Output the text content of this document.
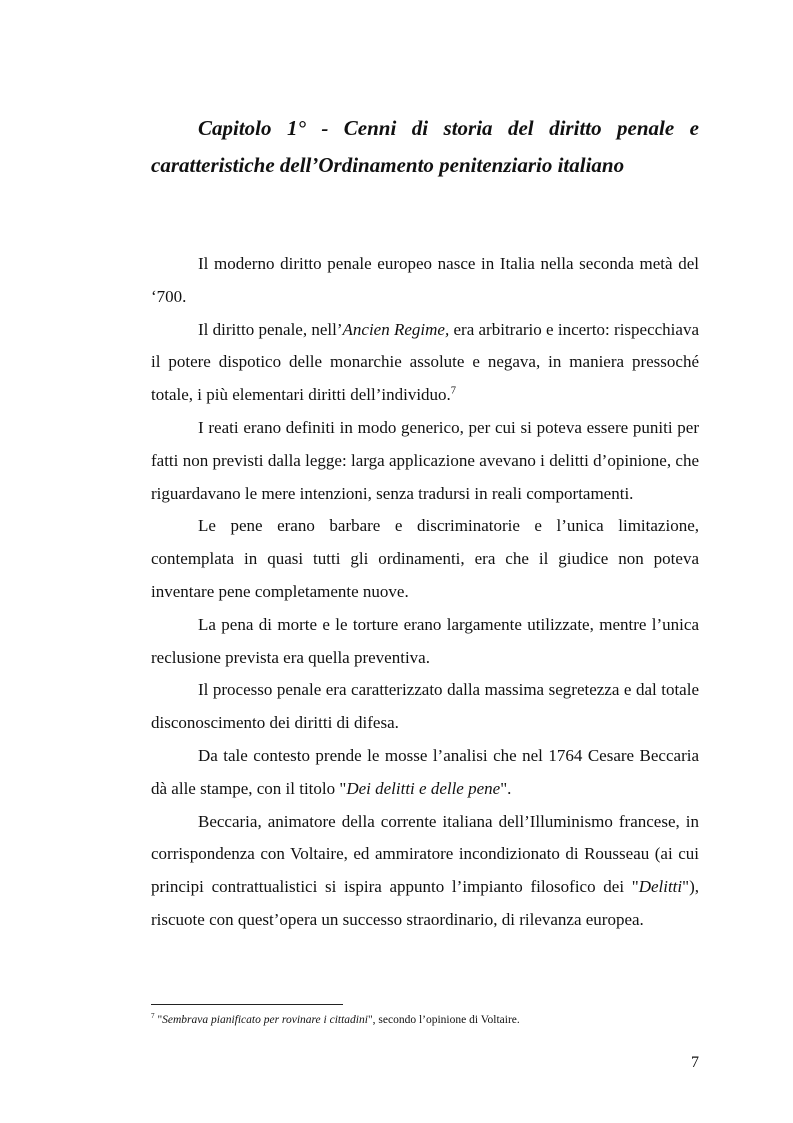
Capitolo 1° - Cenni di storia del diritto penale e caratteristiche dell’Ordinamento penitenziario italiano

Il moderno diritto penale europeo nasce in Italia nella seconda metà del ‘700.

Il diritto penale, nell’Ancien Regime, era arbitrario e incerto: rispecchiava il potere dispotico delle monarchie assolute e negava, in maniera pressoché totale, i più elementari diritti dell’individuo.$^7$

I reati erano definiti in modo generico, per cui si poteva essere puniti per fatti non previsti dalla legge: larga applicazione avevano i delitti d’opinione, che riguardavano le mere intenzioni, senza tradursi in reali comportamenti.

Le pene erano barbare e discriminatorie e l’unica limitazione, contemplata in quasi tutti gli ordinamenti, era che il giudice non poteva inventare pene completamente nuove.

La pena di morte e le torture erano largamente utilizzate, mentre l’unica reclusione prevista era quella preventiva.

Il processo penale era caratterizzato dalla massima segretezza e dal totale disconoscimento dei diritti di difesa.

Da tale contesto prende le mosse l’analisi che nel 1764 Cesare Beccaria dà alle stampe, con il titolo "Dei delitti e delle pene".

Beccaria, animatore della corrente italiana dell’Illuminismo francese, in corrispondenza con Voltaire, ed ammiratore incondizionato di Rousseau (ai cui principi contrattualistici si ispira appunto l’impianto filosofico dei "Delitti"), riscuote con quest’opera un successo straordinario, di rilevanza europea.

$^7$ "Sembrava pianificato per rovinare i cittadini", secondo l’opinione di Voltaire.

7
